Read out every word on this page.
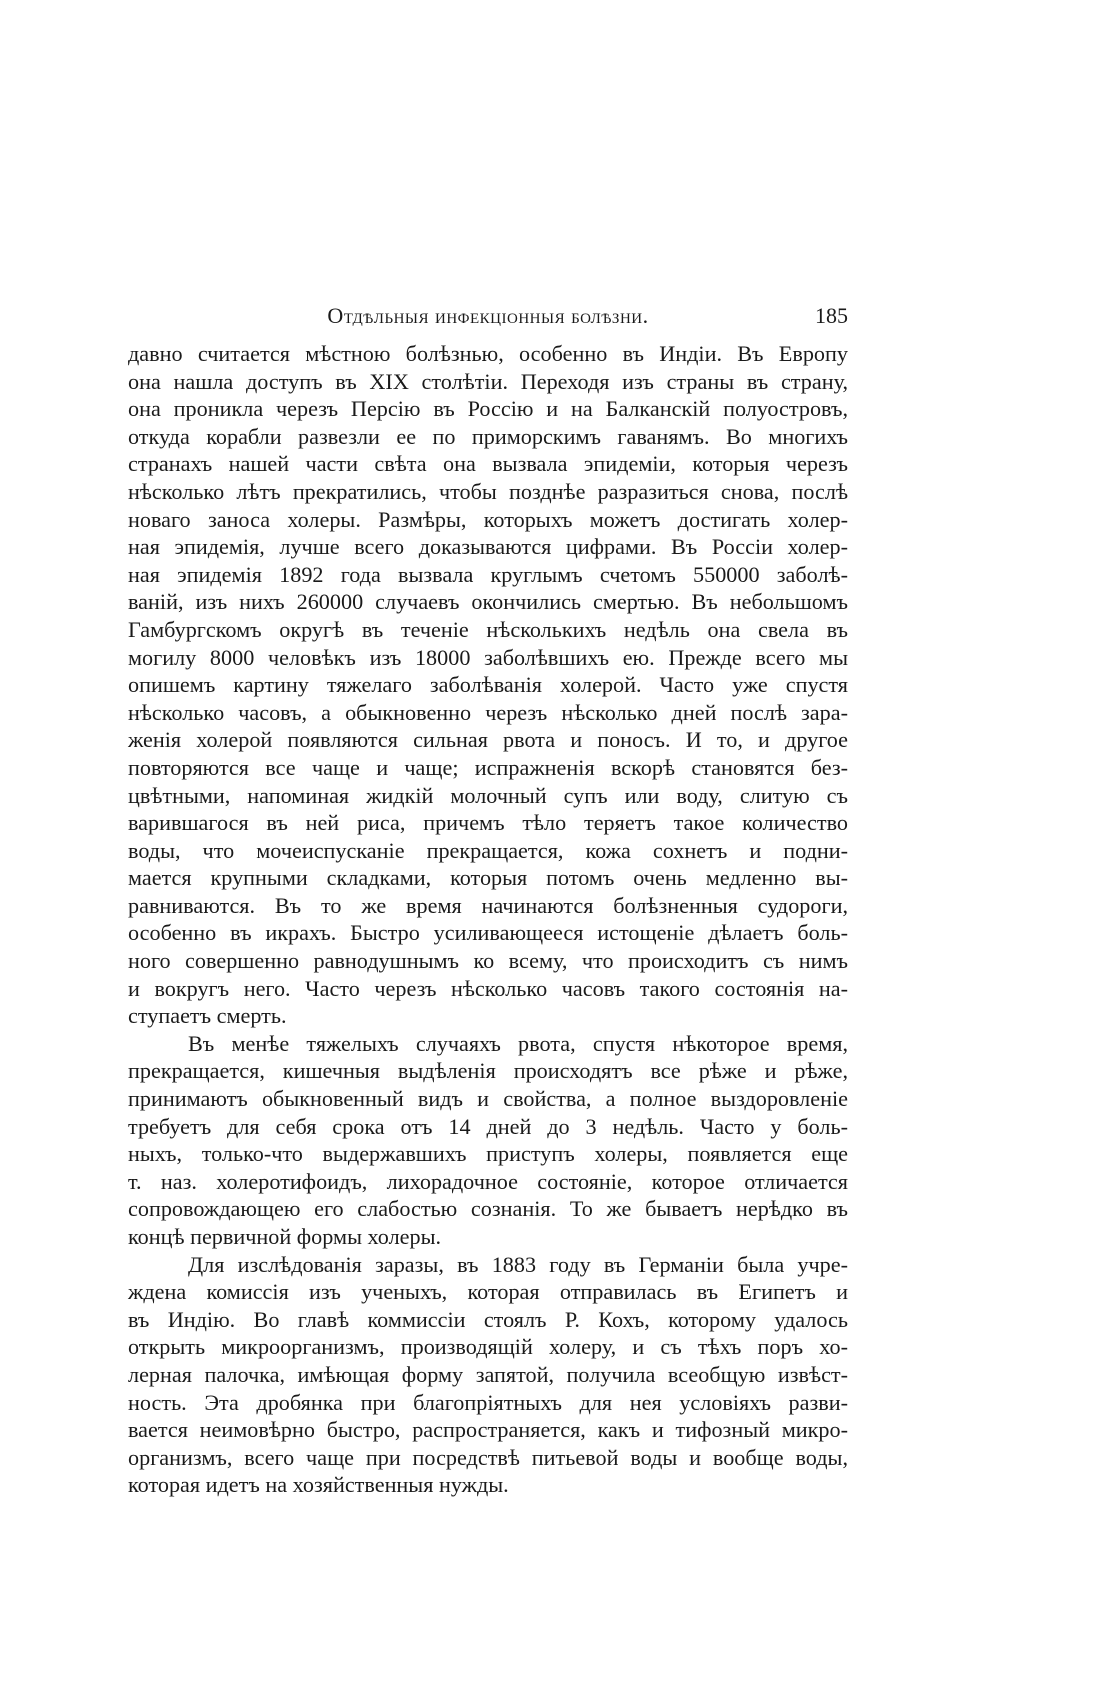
Отдѣльныя инфекціонныя болѣзни.	185
давно считается мѣстною болѣзнью, особенно въ Индіи. Въ Европу
она нашла доступъ въ XIX столѣтіи. Переходя изъ страны въ страну,
она проникла черезъ Персію въ Россію и на Балканскій полуостровъ,
откуда корабли развезли ее по приморскимъ гаванямъ. Во многихъ
странахъ нашей части свѣта она вызвала эпидеміи, которыя черезъ
нѣсколько лѣтъ прекратились, чтобы позднѣе разразиться снова, послѣ
новаго заноса холеры. Размѣры, которыхъ можетъ достигать холер-
ная эпидемія, лучше всего доказываются цифрами. Въ Россіи холер-
ная эпидемія 1892 года вызвала круглымъ счетомъ 550000 заболѣ-
ваній, изъ нихъ 260000 случаевъ окончились смертью. Въ небольшомъ
Гамбургскомъ округѣ въ теченіе нѣсколькихъ недѣль она свела въ
могилу 8000 человѣкъ изъ 18000 заболѣвшихъ ею. Прежде всего мы
опишемъ картину тяжелаго заболѣванія холерой. Часто уже спустя
нѣсколько часовъ, а обыкновенно черезъ нѣсколько дней послѣ зара-
женія холерой появляются сильная рвота и поносъ. И то, и другое
повторяются все чаще и чаще; испражненія вскорѣ становятся без-
цвѣтными, напоминая жидкій молочный супъ или воду, слитую съ
варившагося въ ней риса, причемъ тѣло теряетъ такое количество
воды, что мочеиспусканіе прекращается, кожа сохнетъ и подни-
мается крупными складками, которыя потомъ очень медленно вы-
равниваются. Въ то же время начинаются болѣзненныя судороги,
особенно въ икрахъ. Быстро усиливающееся истощеніе дѣлаетъ боль-
ного совершенно равнодушнымъ ко всему, что происходитъ съ нимъ
и вокругъ него. Часто черезъ нѣсколько часовъ такого состоянія на-
ступаетъ смерть.
Въ менѣе тяжелыхъ случаяхъ рвота, спустя нѣкоторое время,
прекращается, кишечныя выдѣленія происходятъ все рѣже и рѣже,
принимаютъ обыкновенный видъ и свойства, а полное выздоровленіе
требуетъ для себя срока отъ 14 дней до 3 недѣль. Часто у боль-
ныхъ, только-что выдержавшихъ приступъ холеры, появляется еще
т. наз. холеротифоидъ, лихорадочное состояніе, которое отличается
сопровождающею его слабостью сознанія. То же бываетъ нерѣдко въ
концѣ первичной формы холеры.
Для изслѣдованія заразы, въ 1883 году въ Германіи была учре-
ждена комиссія изъ ученыхъ, которая отправилась въ Египетъ и
въ Индію. Во главѣ коммиссіи стоялъ Р. Кохъ, которому удалось
открыть микроорганизмъ, производящій холеру, и съ тѣхъ поръ хо-
лерная палочка, имѣющая форму запятой, получила всеобщую извѣст-
ность. Эта дробянка при благопріятныхъ для нея условіяхъ разви-
вается неимовѣрно быстро, распространяется, какъ и тифозный микро-
организмъ, всего чаще при посредствѣ питьевой воды и вообще воды,
которая идетъ на хозяйственныя нужды.
